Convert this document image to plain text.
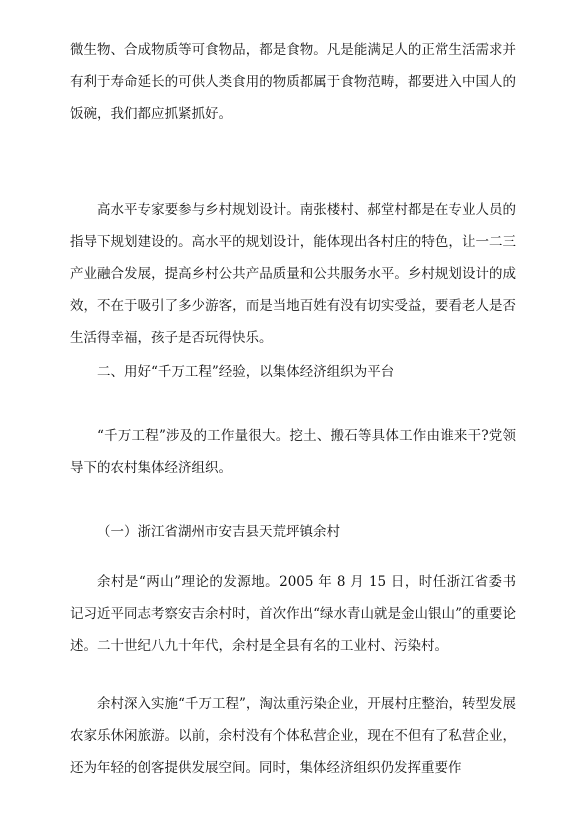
微生物、合成物质等可食物品，都是食物。凡是能满足人的正常生活需求并有利于寿命延长的可供人类食用的物质都属于食物范畴，都要进入中国人的饭碗，我们都应抓紧抓好。

高水平专家要参与乡村规划设计。南张楼村、郝堂村都是在专业人员的指导下规划建设的。高水平的规划设计，能体现出各村庄的特色，让一二三产业融合发展，提高乡村公共产品质量和公共服务水平。乡村规划设计的成效，不在于吸引了多少游客，而是当地百姓有没有切实受益，要看老人是否生活得幸福，孩子是否玩得快乐。

二、用好“千万工程”经验，以集体经济组织为平台

“千万工程”涉及的工作量很大。挖土、搬石等具体工作由谁来干?党领导下的农村集体经济组织。

（一）浙江省湖州市安吉县天荒坪镇余村

余村是“两山”理论的发源地。2005 年 8 月 15 日，时任浙江省委书记习近平同志考察安吉余村时，首次作出“绿水青山就是金山银山”的重要论述。二十世纪八九十年代，余村是全县有名的工业村、污染村。

余村深入实施“千万工程”，淘汰重污染企业，开展村庄整治，转型发展农家乐休闲旅游。以前，余村没有个体私营企业，现在不但有了私营企业，还为年轻的创客提供发展空间。同时，集体经济组织仍发挥重要作
